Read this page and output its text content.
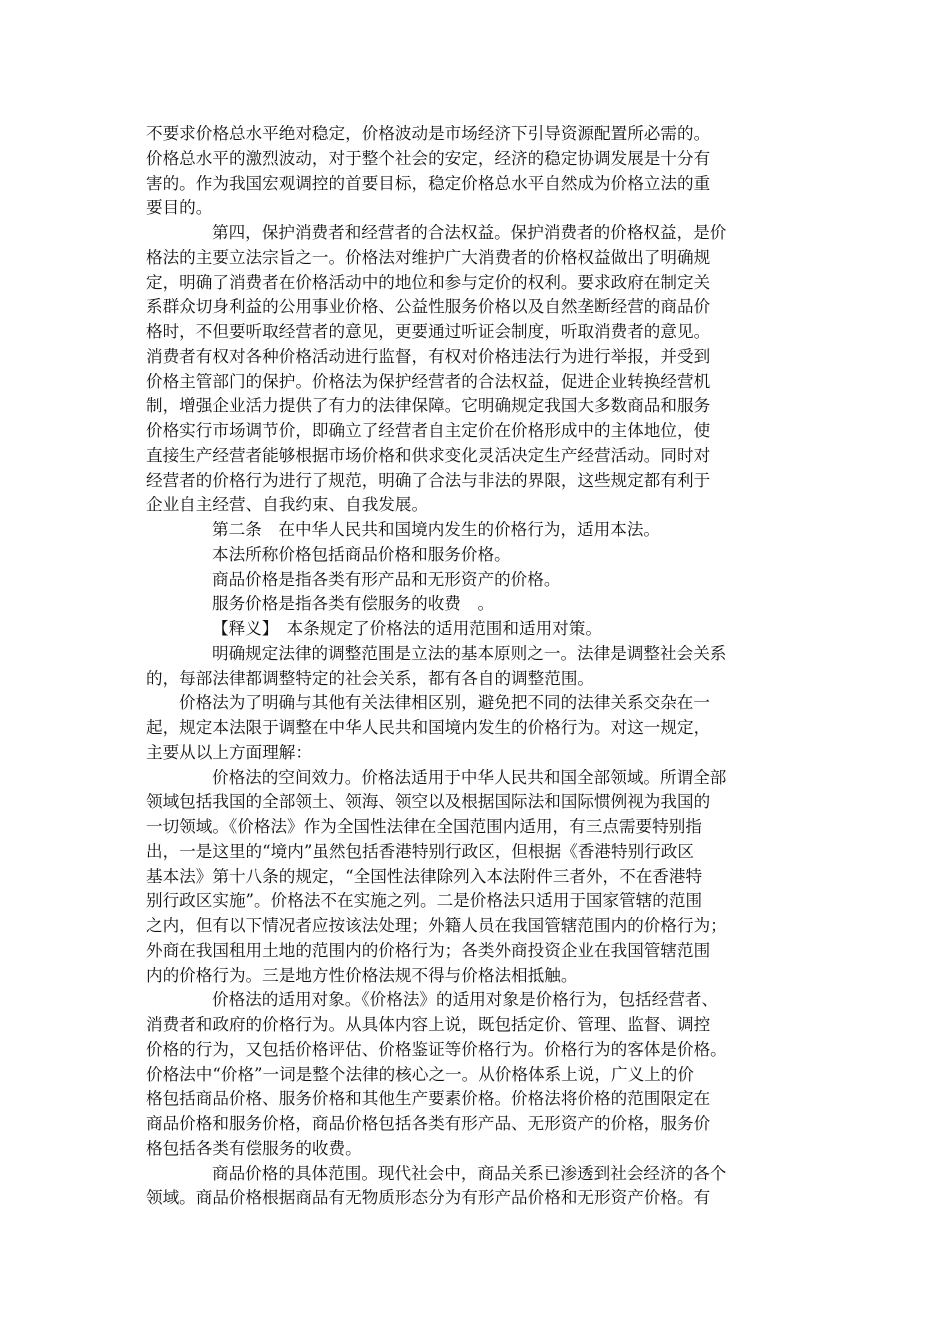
不要求价格总水平绝对稳定，价格波动是市场经济下引导资源配置所必需的。
价格总水平的激烈波动，对于整个社会的安定，经济的稳定协调发展是十分有
害的。作为我国宏观调控的首要目标，稳定价格总水平自然成为价格立法的重
要目的。
第四，保护消费者和经营者的合法权益。保护消费者的价格权益，是价
格法的主要立法宗旨之一。价格法对维护广大消费者的价格权益做出了明确规
定，明确了消费者在价格活动中的地位和参与定价的权利。要求政府在制定关
系群众切身利益的公用事业价格、公益性服务价格以及自然垄断经营的商品价
格时，不但要听取经营者的意见，更要通过听证会制度，听取消费者的意见。
消费者有权对各种价格活动进行监督，有权对价格违法行为进行举报，并受到
价格主管部门的保护。价格法为保护经营者的合法权益，促进企业转换经营机
制，增强企业活力提供了有力的法律保障。它明确规定我国大多数商品和服务
价格实行市场调节价，即确立了经营者自主定价在价格形成中的主体地位，使
直接生产经营者能够根据市场价格和供求变化灵活决定生产经营活动。同时对
经营者的价格行为进行了规范，明确了合法与非法的界限，这些规定都有利于
企业自主经营、自我约束、自我发展。
第二条　在中华人民共和国境内发生的价格行为，适用本法。
本法所称价格包括商品价格和服务价格。
商品价格是指各类有形产品和无形资产的价格。
服务价格是指各类有偿服务的收费　。
【释义】　本条规定了价格法的适用范围和适用对策。
明确规定法律的调整范围是立法的基本原则之一。法律是调整社会关系
的，每部法律都调整特定的社会关系，都有各自的调整范围。
价格法为了明确与其他有关法律相区别，避免把不同的法律关系交杂在一
起，规定本法限于调整在中华人民共和国境内发生的价格行为。对这一规定，
主要从以上方面理解：
价格法的空间效力。价格法适用于中华人民共和国全部领域。所谓全部
领域包括我国的全部领土、领海、领空以及根据国际法和国际惯例视为我国的
一切领域。《价格法》作为全国性法律在全国范围内适用，有三点需要特别指
出，一是这里的“境内”虽然包括香港特别行政区，但根据《香港特别行政区
基本法》第十八条的规定，“全国性法律除列入本法附件三者外，不在香港特
别行政区实施”。价格法不在实施之列。二是价格法只适用于国家管辖的范围
之内，但有以下情况者应按该法处理；外籍人员在我国管辖范围内的价格行为；
外商在我国租用土地的范围内的价格行为；各类外商投资企业在我国管辖范围
内的价格行为。三是地方性价格法规不得与价格法相抵触。
价格法的适用对象。《价格法》的适用对象是价格行为，包括经营者、
消费者和政府的价格行为。从具体内容上说，既包括定价、管理、监督、调控
价格的行为，又包括价格评估、价格鉴证等价格行为。价格行为的客体是价格。
价格法中“价格”一词是整个法律的核心之一。从价格体系上说，广义上的价
格包括商品价格、服务价格和其他生产要素价格。价格法将价格的范围限定在
商品价格和服务价格，商品价格包括各类有形产品、无形资产的价格，服务价
格包括各类有偿服务的收费。
商品价格的具体范围。现代社会中，商品关系已渗透到社会经济的各个
领域。商品价格根据商品有无物质形态分为有形产品价格和无形资产价格。有
